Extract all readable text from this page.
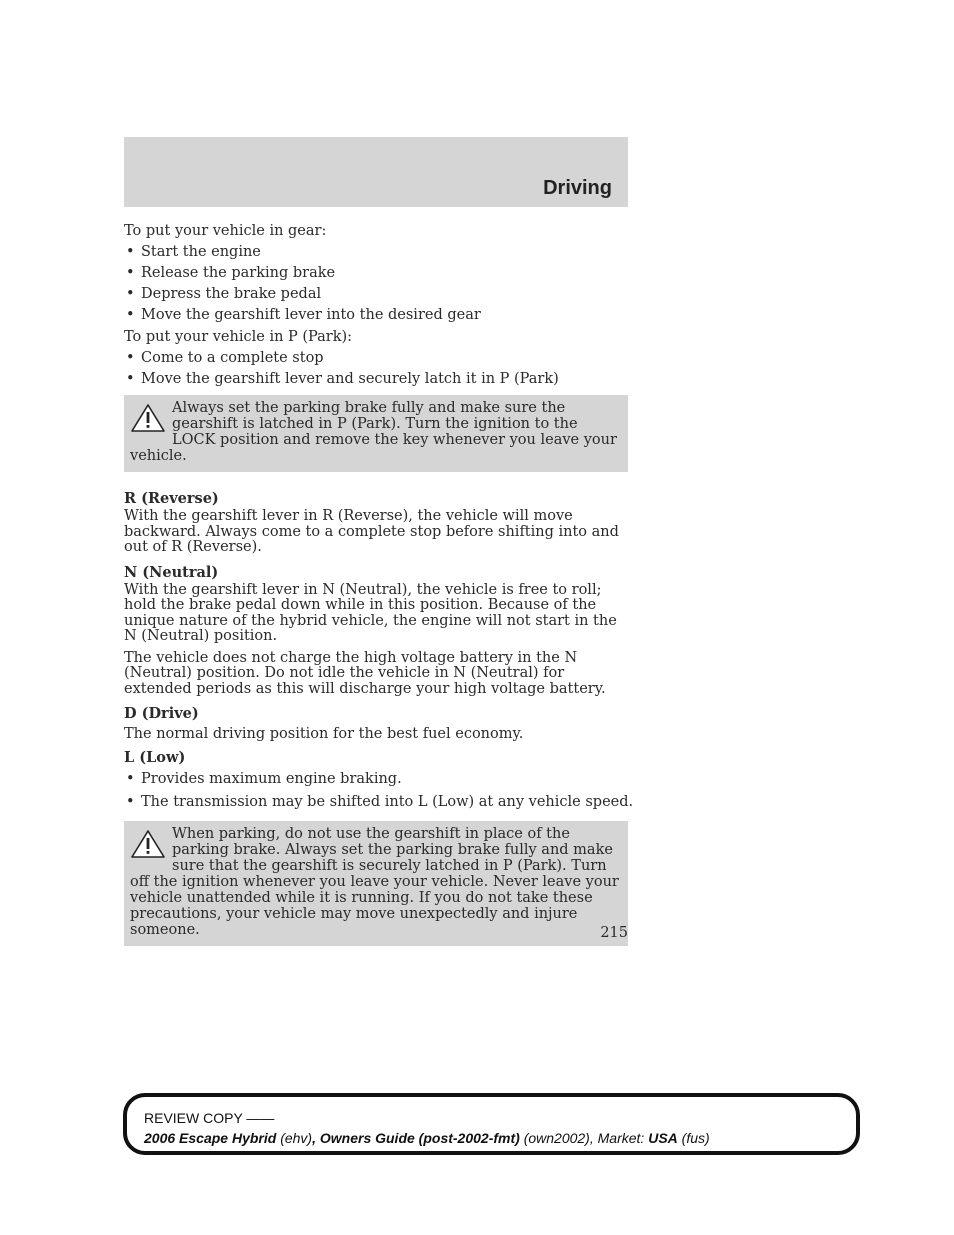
Driving
To put your vehicle in gear:
• Start the engine
• Release the parking brake
• Depress the brake pedal
• Move the gearshift lever into the desired gear
To put your vehicle in P (Park):
• Come to a complete stop
• Move the gearshift lever and securely latch it in P (Park)

Always set the parking brake fully and make sure the gearshift is latched in P (Park). Turn the ignition to the LOCK position and remove the key whenever you leave your vehicle.

R (Reverse)

With the gearshift lever in R (Reverse), the vehicle will move backward. Always come to a complete stop before shifting into and out of R (Reverse).

N (Neutral)

With the gearshift lever in N (Neutral), the vehicle is free to roll; hold the brake pedal down while in this position. Because of the unique nature of the hybrid vehicle, the engine will not start in the N (Neutral) position.

The vehicle does not charge the high voltage battery in the N (Neutral) position. Do not idle the vehicle in N (Neutral) for extended periods as this will discharge your high voltage battery.

D (Drive)
The normal driving position for the best fuel economy.
L (Low)
• Provides maximum engine braking.
• The transmission may be shifted into L (Low) at any vehicle speed.

When parking, do not use the gearshift in place of the parking brake. Always set the parking brake fully and make sure that the gearshift is securely latched in P (Park). Turn off the ignition whenever you leave your vehicle. Never leave your vehicle unattended while it is running. If you do not take these precautions, your vehicle may move unexpectedly and injure someone.	215
REVIEW COPY ——
2006 Escape Hybrid (ehv), Owners Guide (post-2002-fmt) (own2002), Market: USA (fus)
